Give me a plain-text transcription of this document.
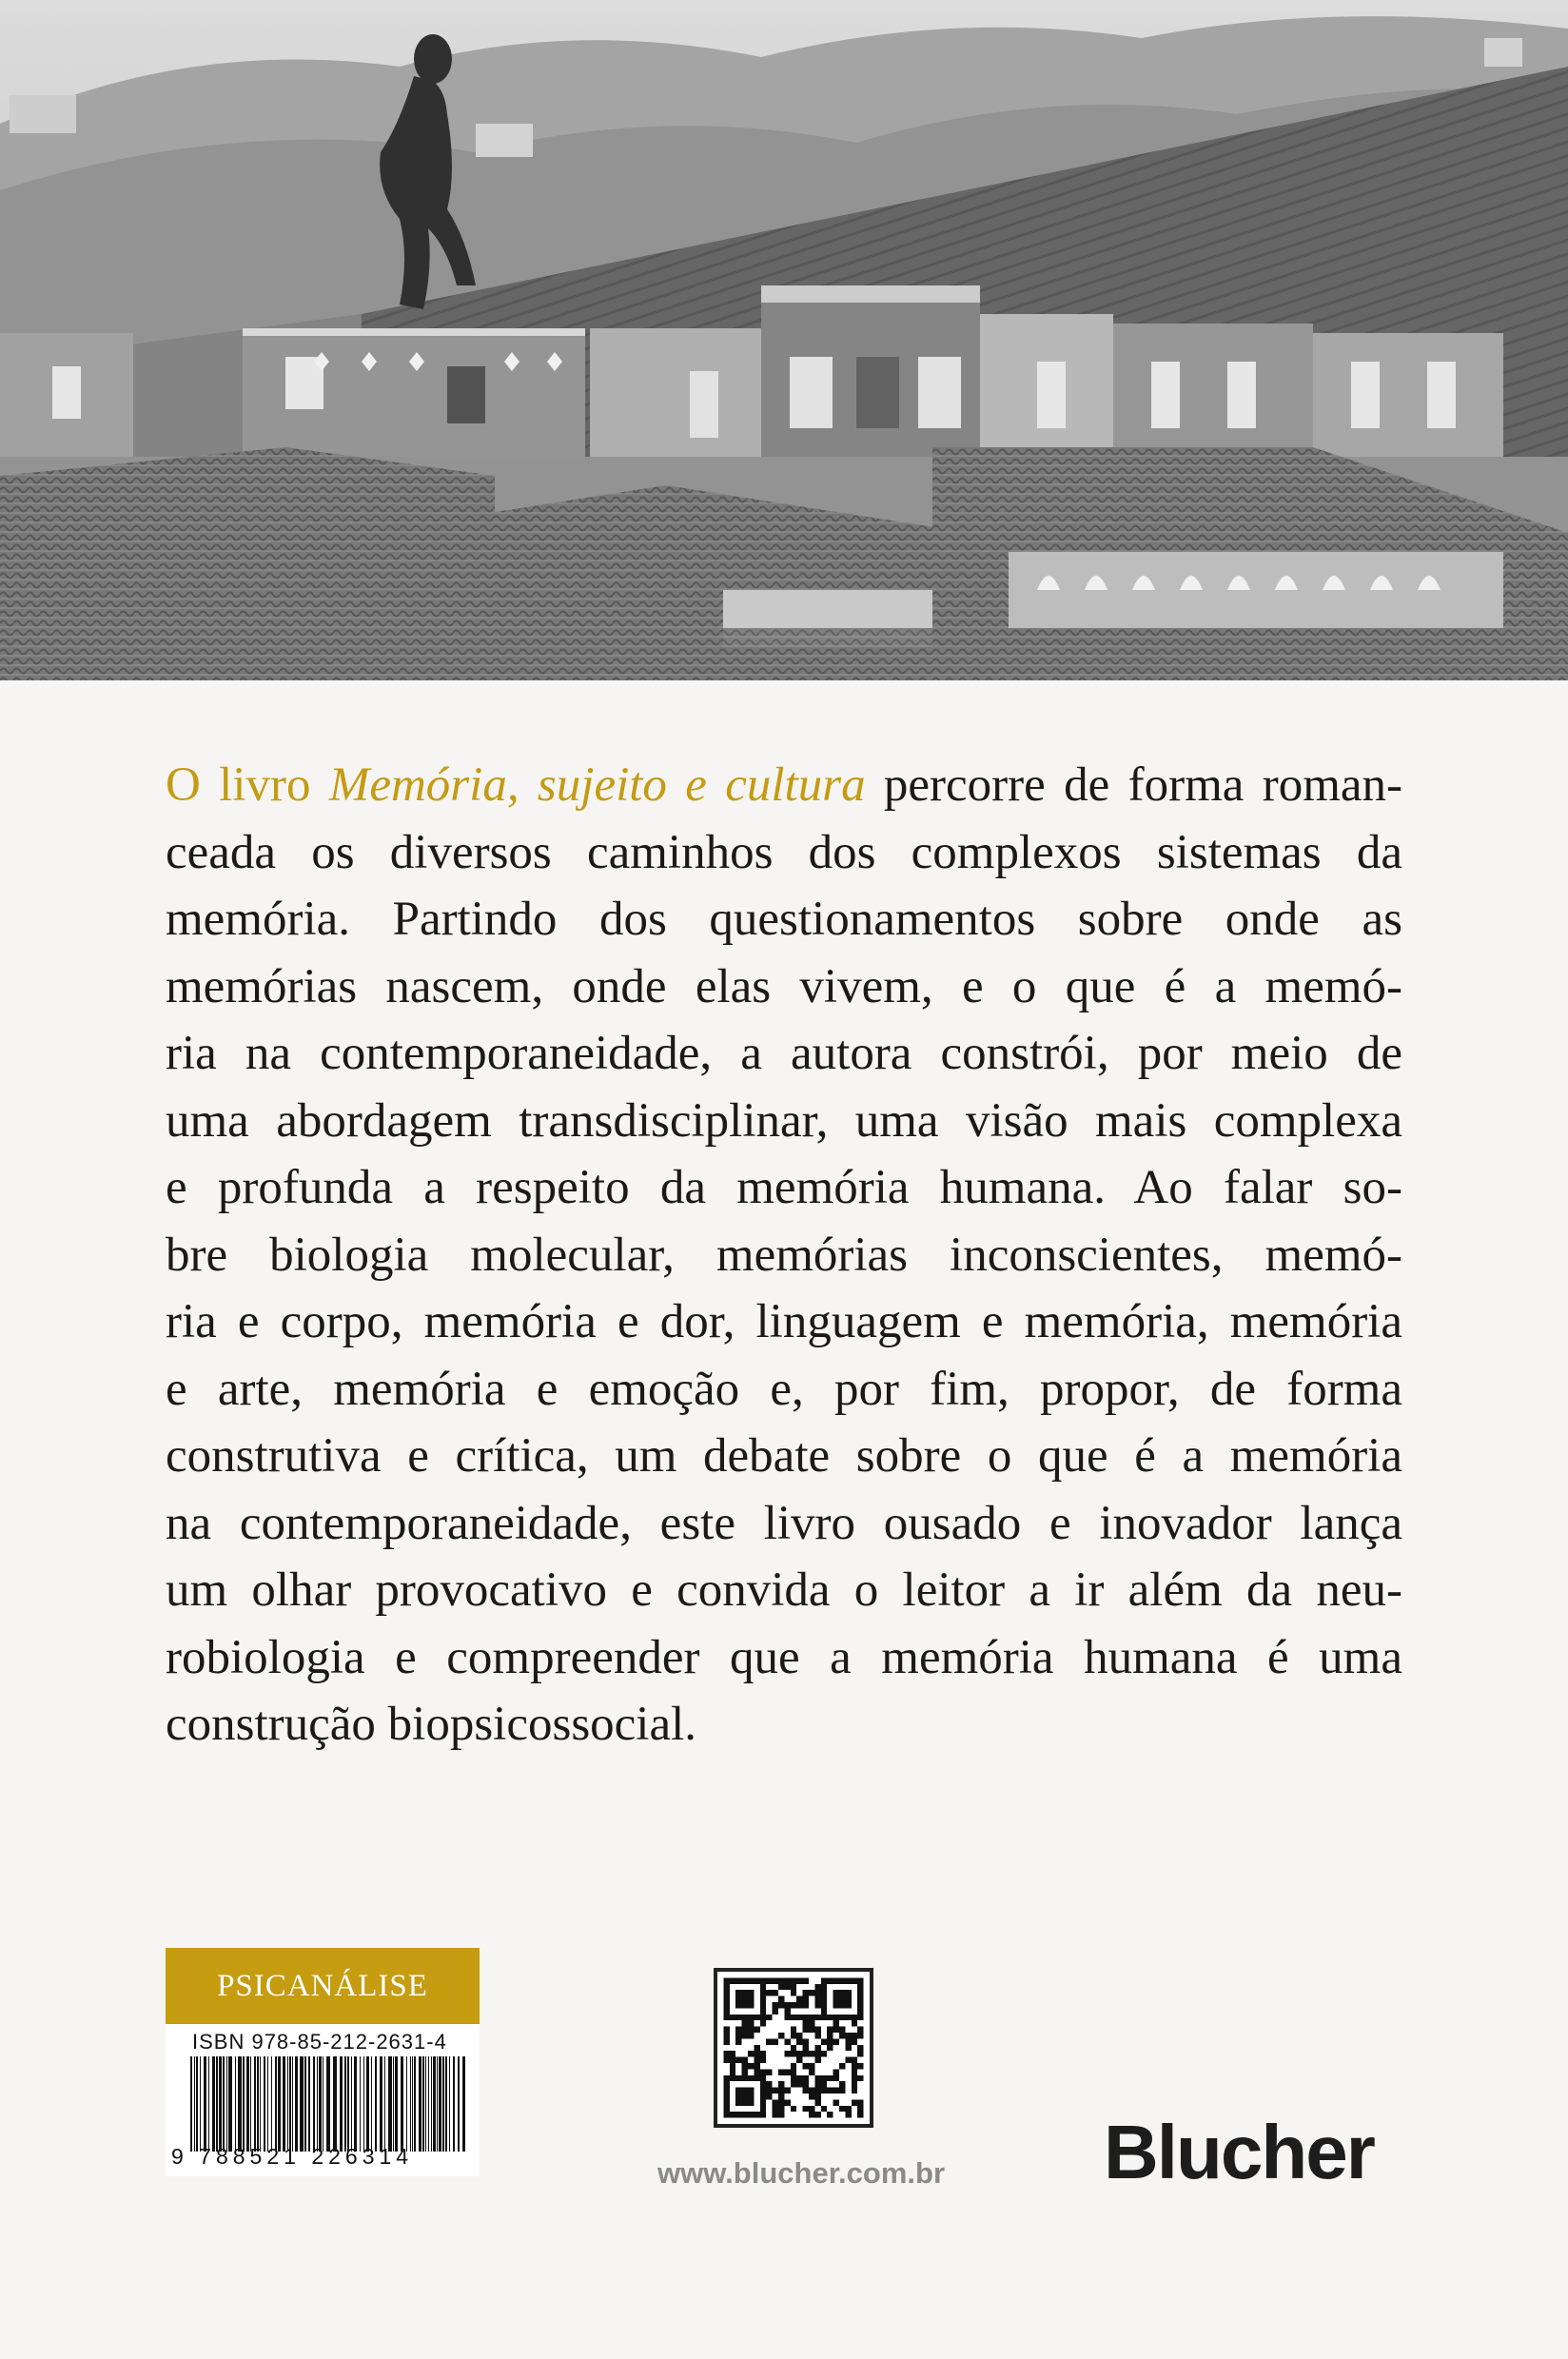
O livro Memória, sujeito e cultura percorre de forma roman-
ceada os diversos caminhos dos complexos sistemas da
memória. Partindo dos questionamentos sobre onde as
memórias nascem, onde elas vivem, e o que é a memó-
ria na contemporaneidade, a autora constrói, por meio de
uma abordagem transdisciplinar, uma visão mais complexa
e profunda a respeito da memória humana. Ao falar so-
bre biologia molecular, memórias inconscientes, memó-
ria e corpo, memória e dor, linguagem e memória, memória
e arte, memória e emoção e, por fim, propor, de forma
construtiva e crítica, um debate sobre o que é a memória
na contemporaneidade, este livro ousado e inovador lança
um olhar provocativo e convida o leitor a ir além da neu-
robiologia e compreender que a memória humana é uma
construção biopsicossocial.

PSICANÁLISE
ISBN 978-85-212-2631-4
9 788521 226314	www.blucher.com.br Blucher
